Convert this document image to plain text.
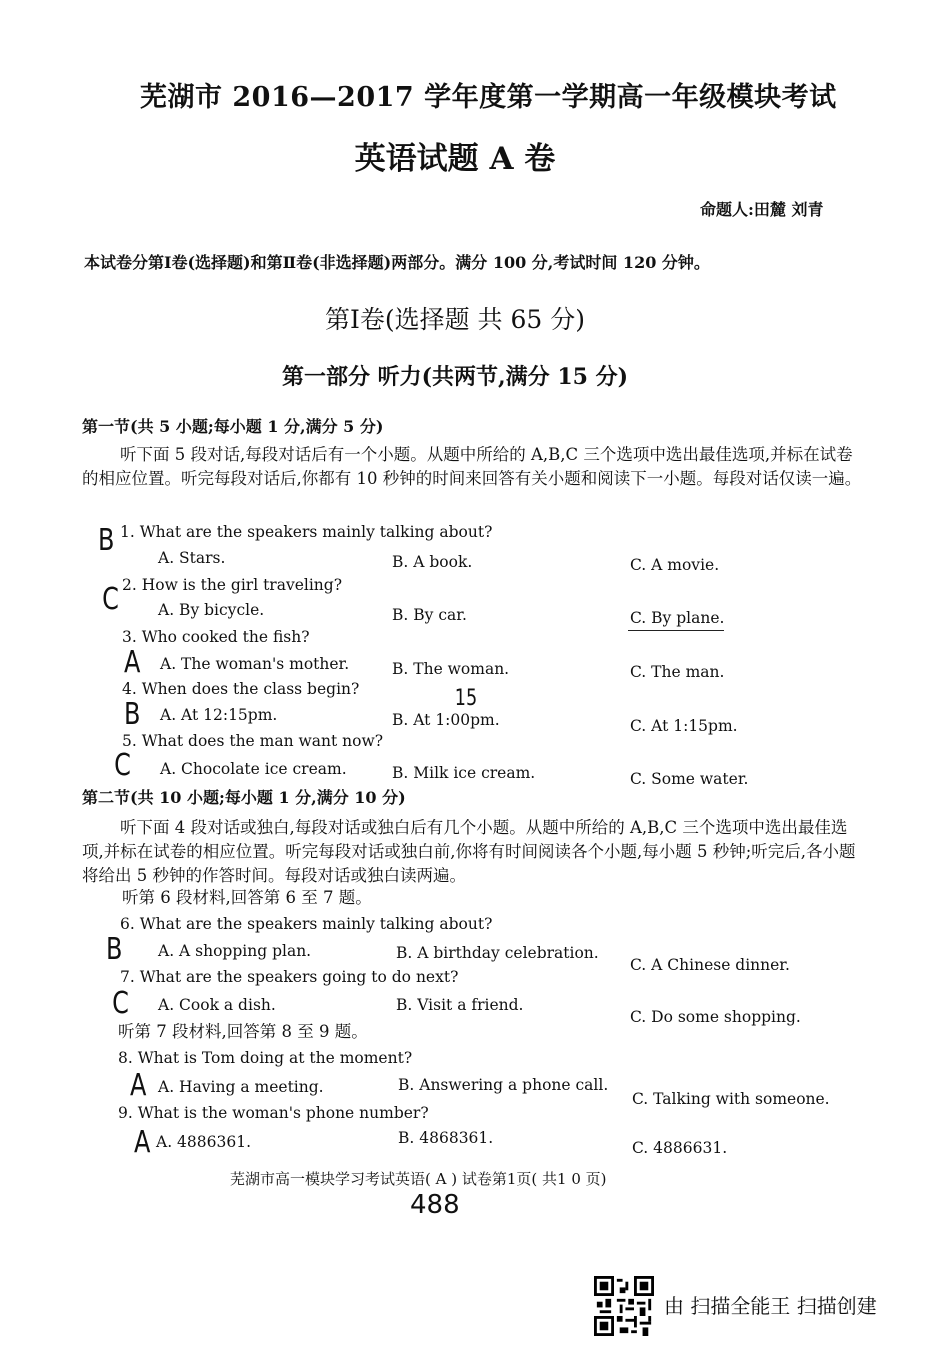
芜湖市 2016—2017 学年度第一学期高一年级模块考试
英语试题 A 卷
命题人:田麓 刘青
本试卷分第Ⅰ卷(选择题)和第Ⅱ卷(非选择题)两部分。满分 100 分,考试时间 120 分钟。
第Ⅰ卷(选择题 共 65 分)
第一部分 听力(共两节,满分 15 分)
第一节(共 5 小题;每小题 1 分,满分 5 分)
听下面 5 段对话,每段对话后有一个小题。从题中所给的 A,B,C 三个选项中选出最佳选项,并标在试卷的相应位置。听完每段对话后,你都有 10 秒钟的时间来回答有关小题和阅读下一小题。每段对话仅读一遍。
B 1. What are the speakers mainly talking about?
A. Stars.	B. A book.	C. A movie.
C 2. How is the girl traveling?
A. By bicycle.	B. By car.	C. By plane.
3. Who cooked the fish?
A A. The woman's mother.	B. The woman.	C. The man.
4. When does the class begin?	15
B A. At 12:15pm.	B. At 1:00pm.	C. At 1:15pm.
5. What does the man want now?
C A. Chocolate ice cream.	B. Milk ice cream.	C. Some water.
第二节(共 10 小题;每小题 1 分,满分 10 分)
听下面 4 段对话或独白,每段对话或独白后有几个小题。从题中所给的 A,B,C 三个选项中选出最佳选项,并标在试卷的相应位置。听完每段对话或独白前,你将有时间阅读各个小题,每小题 5 秒钟;听完后,各小题将给出 5 秒钟的作答时间。每段对话或独白读两遍。
听第 6 段材料,回答第 6 至 7 题。
6. What are the speakers mainly talking about?
B A. A shopping plan.	B. A birthday celebration.
C. A Chinese dinner.
7. What are the speakers going to do next?
C A. Cook a dish.	B. Visit a friend.
C. Do some shopping.
听第 7 段材料,回答第 8 至 9 题。
8. What is Tom doing at the moment?
A A. Having a meeting.	B. Answering a phone call.
C. Talking with someone.
9. What is the woman's phone number?
A A. 4886361.	B. 4868361.
C. 4886631.
芜湖市高一模块学习考试英语( A ) 试卷第1页( 共1 0 页)
488
由 扫描全能王 扫描创建
